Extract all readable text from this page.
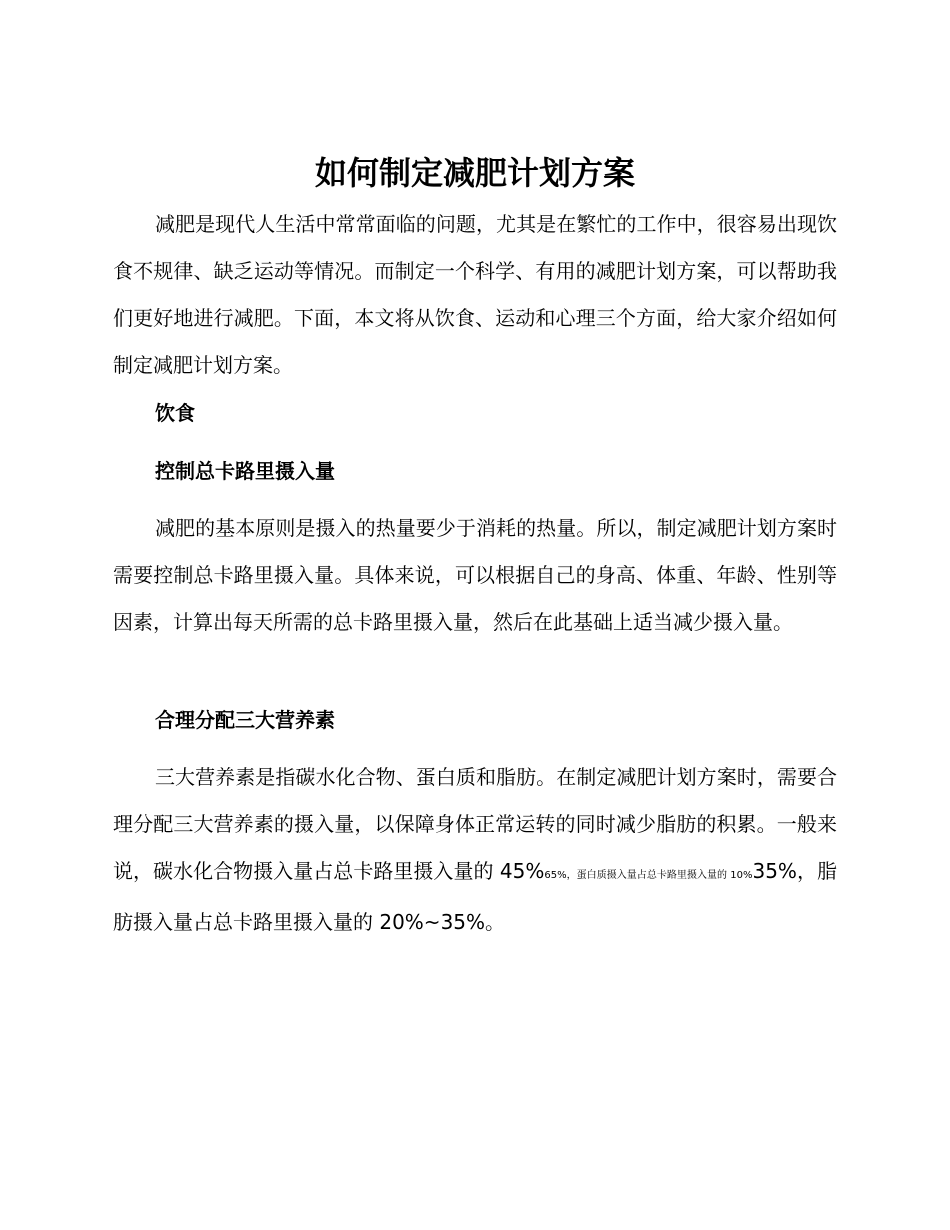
如何制定减肥计划方案

减肥是现代人生活中常常面临的问题，尤其是在繁忙的工作中，很容易出现饮食不规律、缺乏运动等情况。而制定一个科学、有用的减肥计划方案，可以帮助我们更好地进行减肥。下面，本文将从饮食、运动和心理三个方面，给大家介绍如何制定减肥计划方案。

饮食
控制总卡路里摄入量

减肥的基本原则是摄入的热量要少于消耗的热量。所以，制定减肥计划方案时需要控制总卡路里摄入量。具体来说，可以根据自己的身高、体重、年龄、性别等因素，计算出每天所需的总卡路里摄入量，然后在此基础上适当减少摄入量。

合理分配三大营养素

三大营养素是指碳水化合物、蛋白质和脂肪。在制定减肥计划方案时，需要合理分配三大营养素的摄入量，以保障身体正常运转的同时减少脂肪的积累。一般来说，碳水化合物摄入量占总卡路里摄入量的 45%65%，蛋白质摄入量占总卡路里摄入量的 10%35%，脂肪摄入量占总卡路里摄入量的 20%~35%。
